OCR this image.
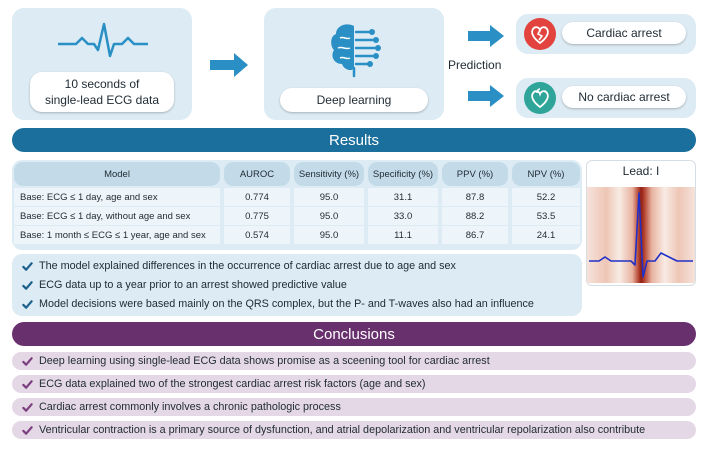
10 seconds of
single-lead ECG data	Deep learning
Prediction
Cardiac arrest
No cardiac arrest
Results
Model	AUROC	Sensitivity (%)	Specificity (%)	PPV (%)	NPV (%)
Base: ECG ≤ 1 day, age and sex	0.774	95.0	31.1	87.8	52.2
Base: ECG ≤ 1 day, without age and sex	0.775	95.0	33.0	88.2	53.5
Base: 1 month ≤ ECG ≤ 1 year, age and sex	0.574	95.0	11.1	86.7	24.1
Lead: I
The model explained differences in the occurrence of cardiac arrest due to age and sex
ECG data up to a year prior to an arrest showed predictive value
Model decisions were based mainly on the QRS complex, but the P- and T-waves also had an influence
Conclusions
Deep learning using single-lead ECG data shows promise as a sceening tool for cardiac arrest
ECG data explained two of the strongest cardiac arrest risk factors (age and sex)
Cardiac arrest commonly involves a chronic pathologic process
Ventricular contraction is a primary source of dysfunction, and atrial depolarization and ventricular repolarization also contribute
